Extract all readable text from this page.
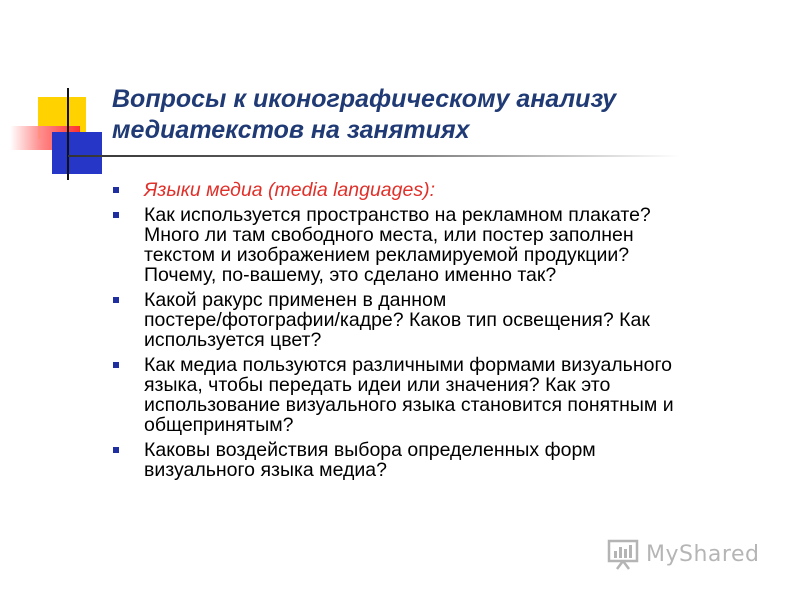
Вопросы к иконографическому анализу
медиатекстов на занятиях
Языки медиа (media languages):
Как используется пространство на рекламном плакате?
Много ли там свободного места, или постер заполнен
текстом и изображением рекламируемой продукции?
Почему, по-вашему, это сделано именно так?
Какой ракурс применен в данном
постере/фотографии/кадре? Каков тип освещения? Как
используется цвет?
Как медиа пользуются различными формами визуального
языка, чтобы передать идеи или значения? Как это
использование визуального языка становится понятным и
общепринятым?
Каковы воздействия выбора определенных форм
визуального языка медиа?
MyShared
